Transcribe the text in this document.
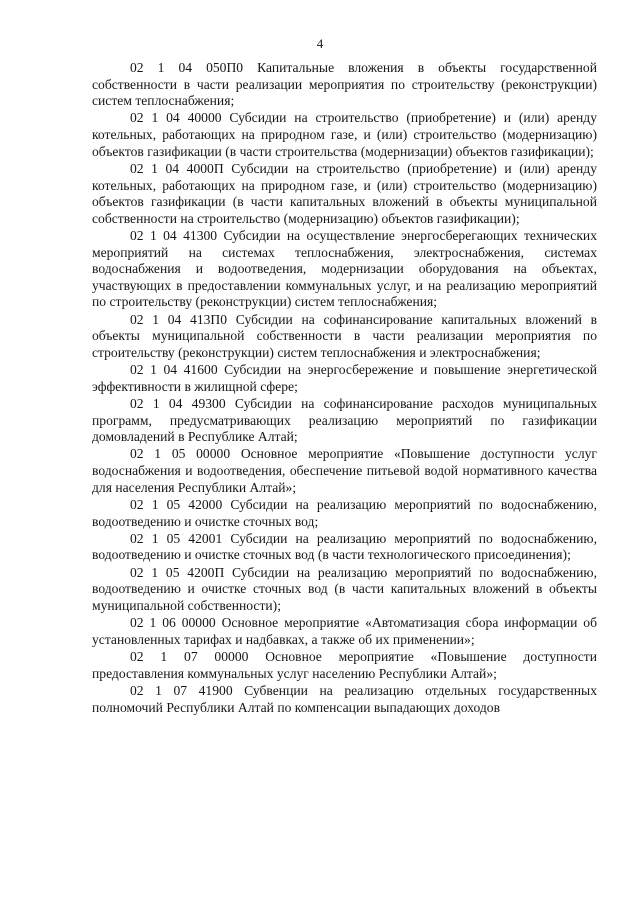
4

02 1 04 050П0 Капитальные вложения в объекты государственной собственности в части реализации мероприятия по строительству (реконструкции) систем теплоснабжения;

02 1 04 40000 Субсидии на строительство (приобретение) и (или) аренду котельных, работающих на природном газе, и (или) строительство (модернизацию) объектов газификации (в части строительства (модернизации) объектов газификации);

02 1 04 4000П Субсидии на строительство (приобретение) и (или) аренду котельных, работающих на природном газе, и (или) строительство (модернизацию) объектов газификации (в части капитальных вложений в объекты муниципальной собственности на строительство (модернизацию) объектов газификации);

02 1 04 41300 Субсидии на осуществление энергосберегающих технических мероприятий на системах теплоснабжения, электроснабжения, системах водоснабжения и водоотведения, модернизации оборудования на объектах, участвующих в предоставлении коммунальных услуг, и на реализацию мероприятий по строительству (реконструкции) систем теплоснабжения;

02 1 04 413П0 Субсидии на софинансирование капитальных вложений в объекты муниципальной собственности в части реализации мероприятия по строительству (реконструкции) систем теплоснабжения и электроснабжения;

02 1 04 41600 Субсидии на энергосбережение и повышение энергетической эффективности в жилищной сфере;

02 1 04 49300 Субсидии на софинансирование расходов муниципальных программ, предусматривающих реализацию мероприятий по газификации домовладений в Республике Алтай;

02 1 05 00000 Основное мероприятие «Повышение доступности услуг водоснабжения и водоотведения, обеспечение питьевой водой нормативного качества для населения Республики Алтай»;

02 1 05 42000 Субсидии на реализацию мероприятий по водоснабжению, водоотведению и очистке сточных вод;

02 1 05 42001 Субсидии на реализацию мероприятий по водоснабжению, водоотведению и очистке сточных вод (в части технологического присоединения);

02 1 05 4200П Субсидии на реализацию мероприятий по водоснабжению, водоотведению и очистке сточных вод (в части капитальных вложений в объекты муниципальной собственности);

02 1 06 00000 Основное мероприятие «Автоматизация сбора информации об установленных тарифах и надбавках, а также об их применении»;

02 1 07 00000 Основное мероприятие «Повышение доступности предоставления коммунальных услуг населению Республики Алтай»;

02 1 07 41900 Субвенции на реализацию отдельных государственных полномочий Республики Алтай по компенсации выпадающих доходов
